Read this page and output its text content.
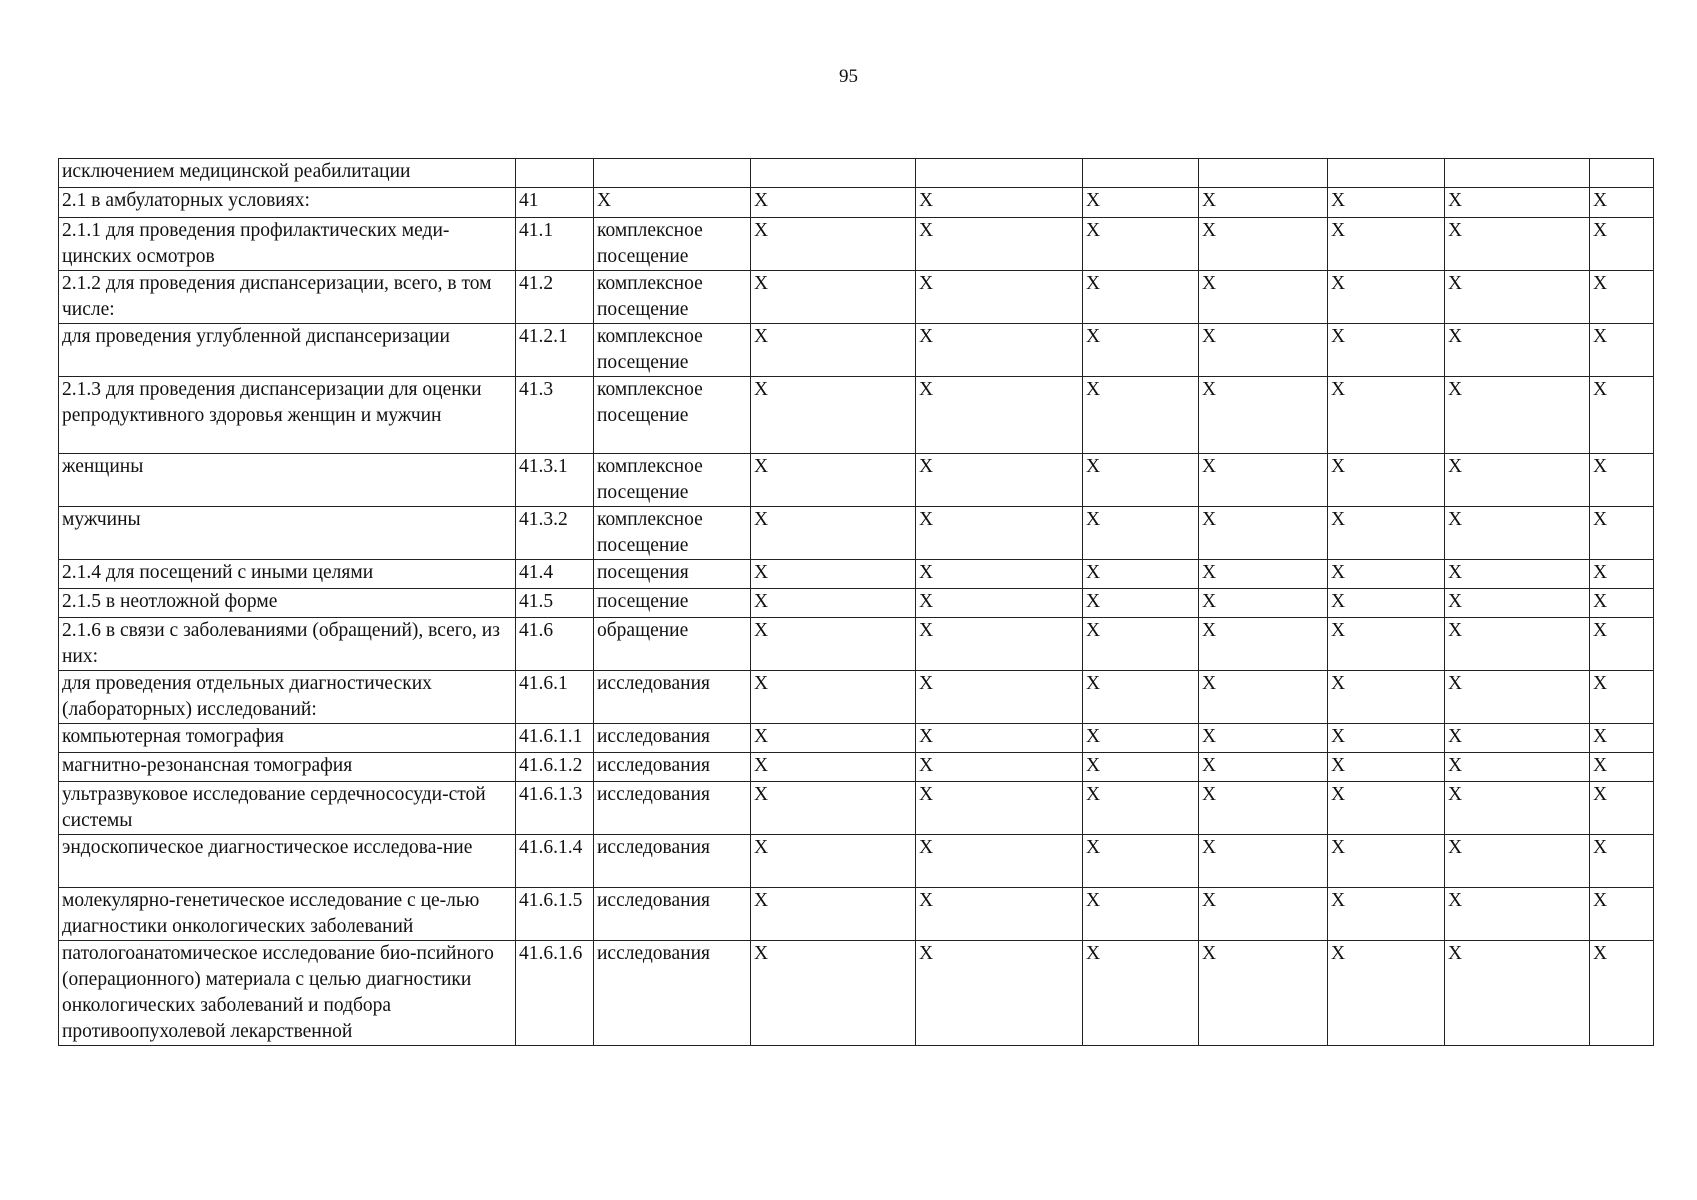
95
исключением медицинской реабилитации									
2.1 в амбулаторных условиях:	41	X	X	X	X	X	X	X	X
2.1.1 для проведения профилактических меди-цинских осмотров	41.1	комплексное посещение	X	X	X	X	X	X	X
2.1.2 для проведения диспансеризации, всего, в том числе:	41.2	комплексное посещение	X	X	X	X	X	X	X
для проведения углубленной диспансеризации	41.2.1	комплексное посещение	X	X	X	X	X	X	X
2.1.3 для проведения диспансеризации для оценки репродуктивного здоровья женщин и мужчин	41.3	комплексное посещение	X	X	X	X	X	X	X
женщины	41.3.1	комплексное посещение	X	X	X	X	X	X	X
мужчины	41.3.2	комплексное посещение	X	X	X	X	X	X	X
2.1.4 для посещений с иными целями	41.4	посещения	X	X	X	X	X	X	X
2.1.5 в неотложной форме	41.5	посещение	X	X	X	X	X	X	X
2.1.6 в связи с заболеваниями (обращений), всего, из них:	41.6	обращение	X	X	X	X	X	X	X
для проведения отдельных диагностических (лабораторных) исследований:	41.6.1	исследования	X	X	X	X	X	X	X
компьютерная томография	41.6.1.1	исследования	X	X	X	X	X	X	X
магнитно-резонансная томография	41.6.1.2	исследования	X	X	X	X	X	X	X
ультразвуковое исследование сердечнососуди-стой системы	41.6.1.3	исследования	X	X	X	X	X	X	X
эндоскопическое диагностическое исследова-ние	41.6.1.4	исследования	X	X	X	X	X	X	X
молекулярно-генетическое исследование с це-лью диагностики онкологических заболеваний	41.6.1.5	исследования	X	X	X	X	X	X	X
патологоанатомическое исследование био-псийного (операционного) материала с целью диагностики онкологических заболеваний и подбора противоопухолевой лекарственной	41.6.1.6	исследования	X	X	X	X	X	X	X
